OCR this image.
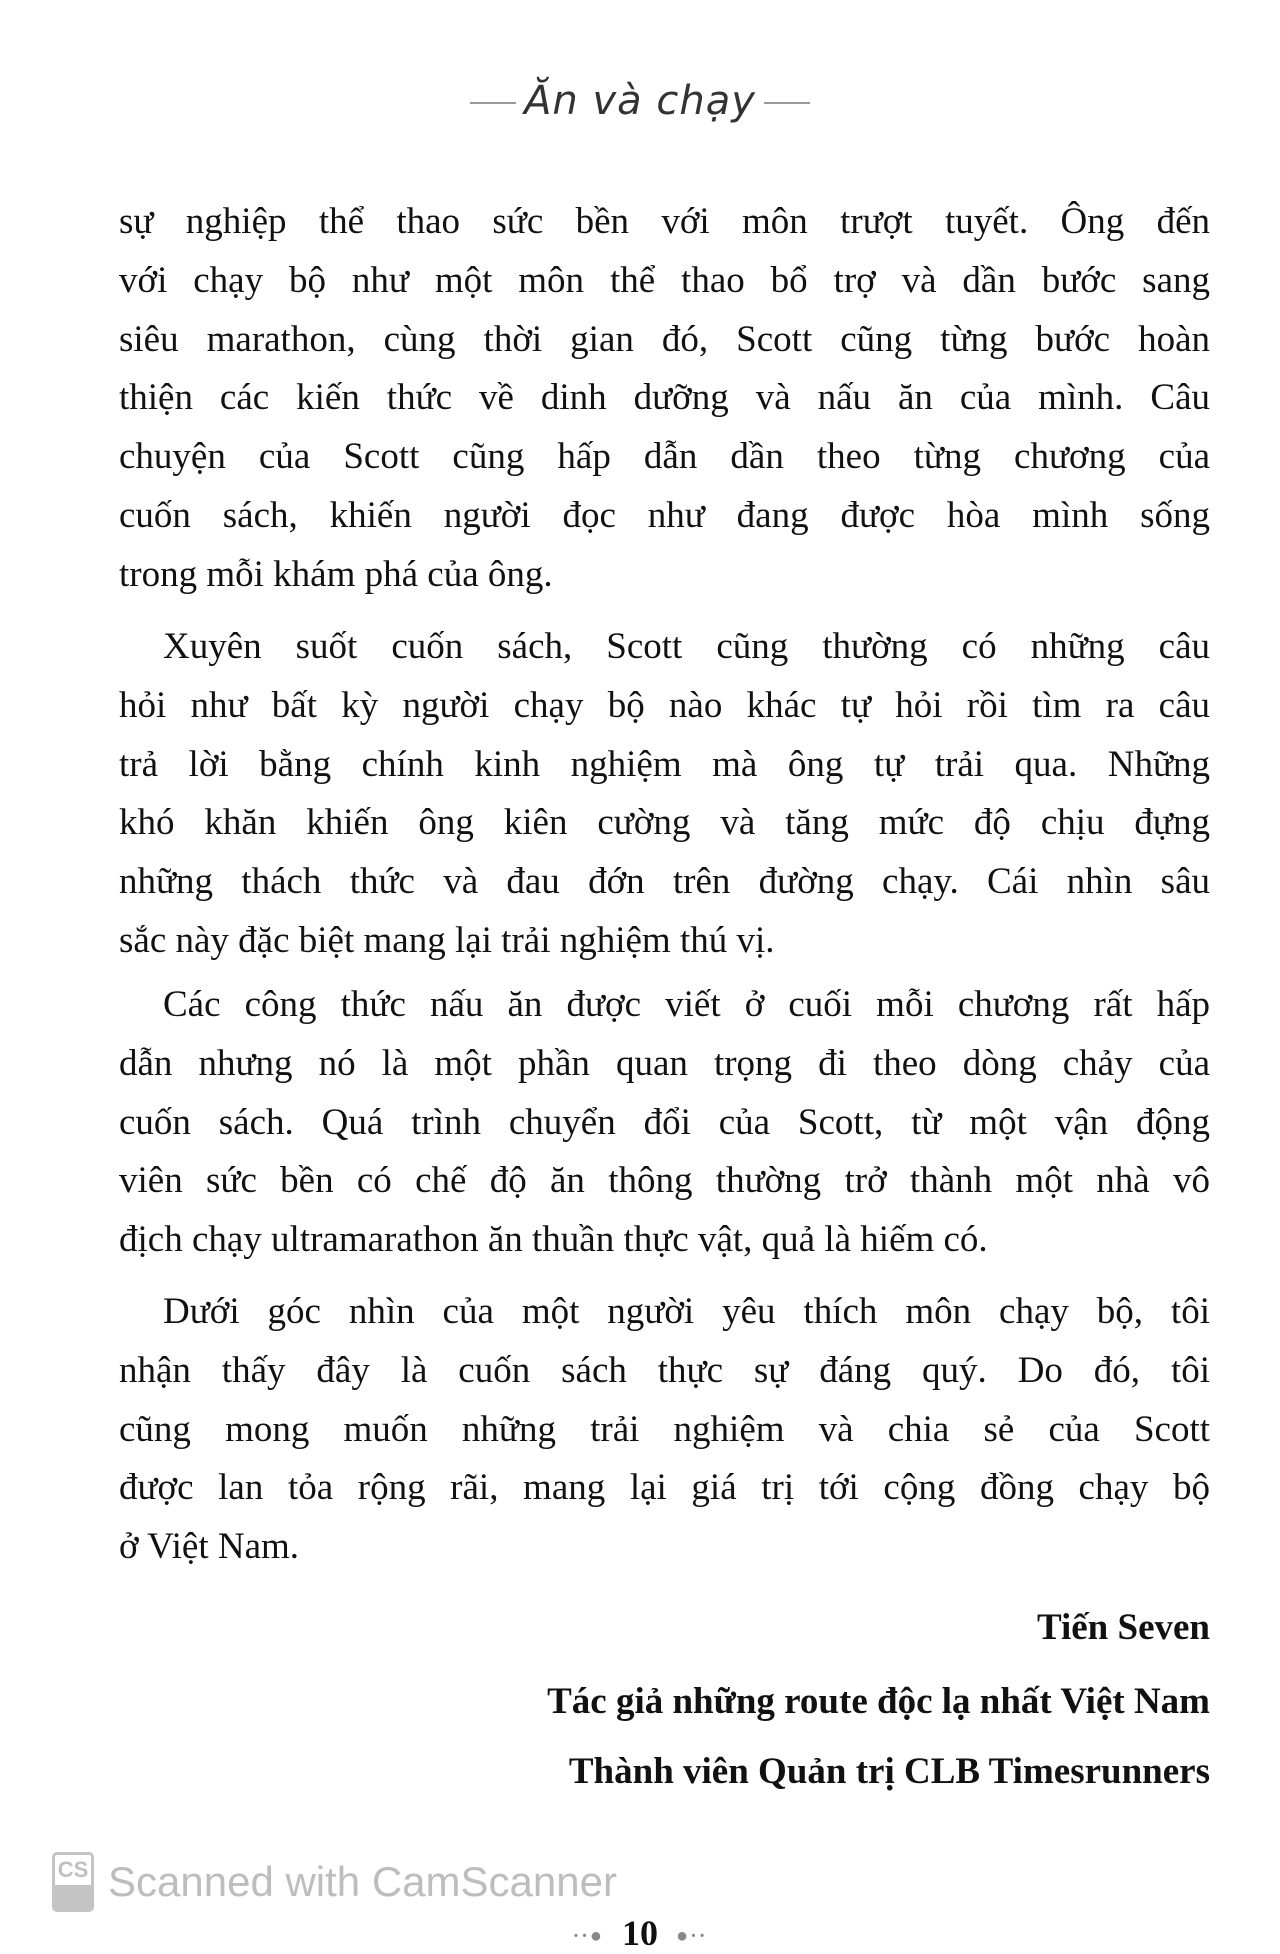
Ăn và chạy
sự nghiệp thể thao sức bền với môn trượt tuyết. Ông đến
với chạy bộ như một môn thể thao bổ trợ và dần bước sang
siêu marathon, cùng thời gian đó, Scott cũng từng bước hoàn
thiện các kiến thức về dinh dưỡng và nấu ăn của mình. Câu
chuyện của Scott cũng hấp dẫn dần theo từng chương của
cuốn sách, khiến người đọc như đang được hòa mình sống
trong mỗi khám phá của ông.
Xuyên suốt cuốn sách, Scott cũng thường có những câu
hỏi như bất kỳ người chạy bộ nào khác tự hỏi rồi tìm ra câu
trả lời bằng chính kinh nghiệm mà ông tự trải qua. Những
khó khăn khiến ông kiên cường và tăng mức độ chịu đựng
những thách thức và đau đớn trên đường chạy. Cái nhìn sâu
sắc này đặc biệt mang lại trải nghiệm thú vị.
Các công thức nấu ăn được viết ở cuối mỗi chương rất hấp
dẫn nhưng nó là một phần quan trọng đi theo dòng chảy của
cuốn sách. Quá trình chuyển đổi của Scott, từ một vận động
viên sức bền có chế độ ăn thông thường trở thành một nhà vô
địch chạy ultramarathon ăn thuần thực vật, quả là hiếm có.
Dưới góc nhìn của một người yêu thích môn chạy bộ, tôi
nhận thấy đây là cuốn sách thực sự đáng quý. Do đó, tôi
cũng mong muốn những trải nghiệm và chia sẻ của Scott
được lan tỏa rộng rãi, mang lại giá trị tới cộng đồng chạy bộ
ở Việt Nam.
Tiến Seven
Tác giả những route độc lạ nhất Việt Nam
Thành viên Quản trị CLB Timesrunners
CS Scanned with CamScanner
··● 10 ●··
